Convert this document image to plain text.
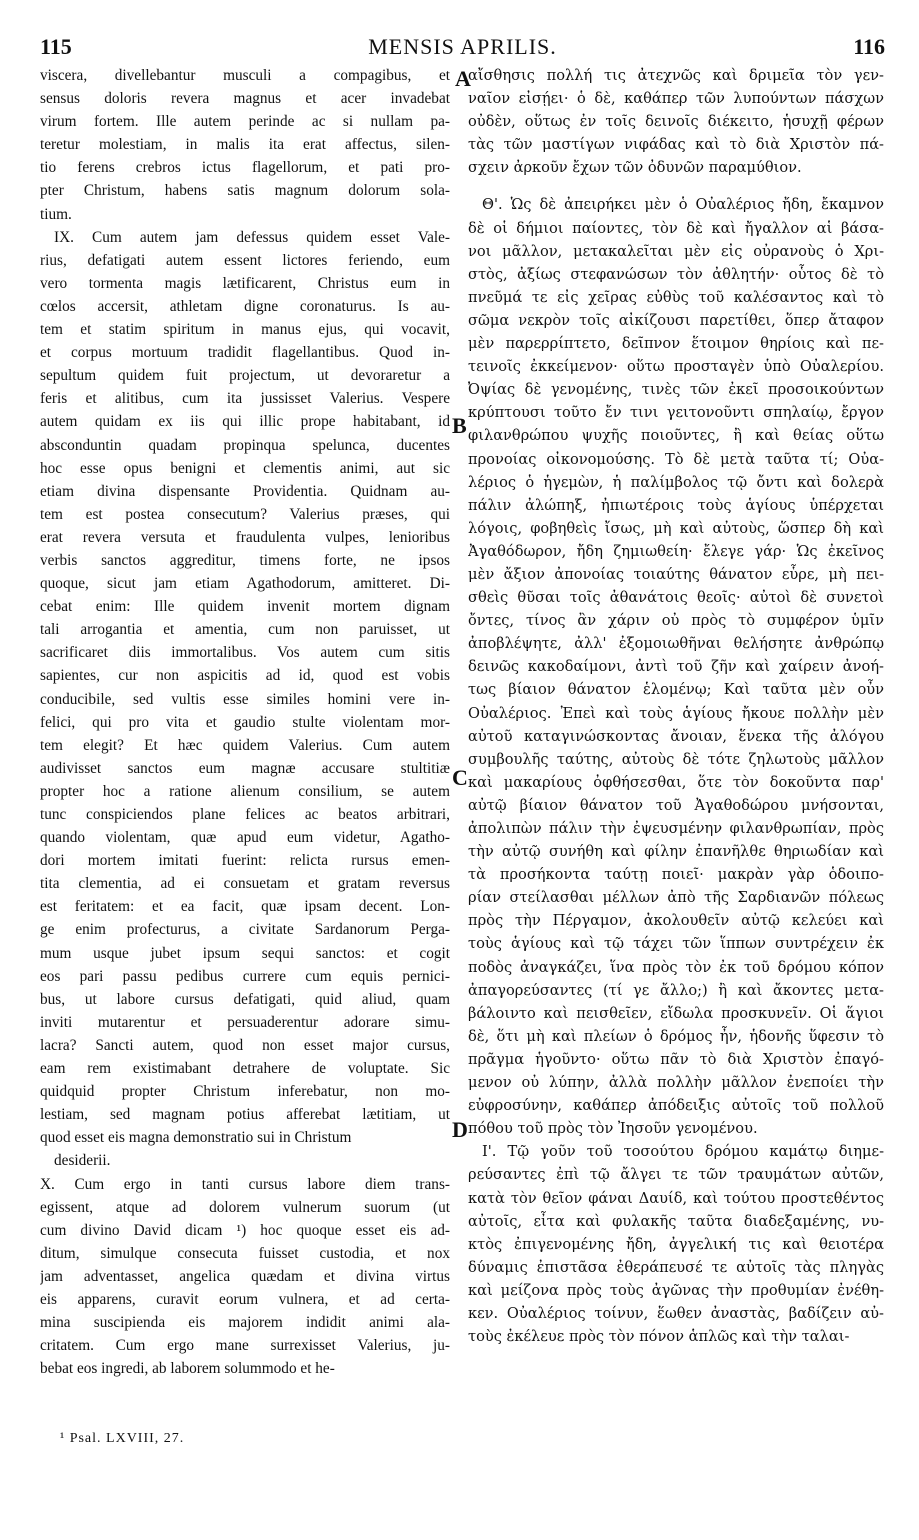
115	MENSIS APRILIS.	116
A
B
C
D
viscera, divellebantur musculi a compagibus, et
sensus doloris revera magnus et acer invadebat
virum fortem. Ille autem perinde ac si nullam pa-
teretur molestiam, in malis ita erat affectus, silen-
tio ferens crebros ictus flagellorum, et pati pro-
pter Christum, habens satis magnum dolorum sola-
tium.
IX. Cum autem jam defessus quidem esset Vale-
rius, defatigati autem essent lictores feriendo, eum
vero tormenta magis lætificarent, Christus eum in
cœlos accersit, athletam digne coronaturus. Is au-
tem et statim spiritum in manus ejus, qui vocavit,
et corpus mortuum tradidit flagellantibus. Quod in-
sepultum quidem fuit projectum, ut devoraretur a
feris et alitibus, cum ita jussisset Valerius. Vespere
autem quidam ex iis qui illic prope habitabant, id
absconduntin quadam propinqua spelunca, ducentes
hoc esse opus benigni et clementis animi, aut sic
etiam divina dispensante Providentia. Quidnam au-
tem est postea consecutum? Valerius præses, qui
erat revera versuta et fraudulenta vulpes, lenioribus
verbis sanctos aggreditur, timens forte, ne ipsos
quoque, sicut jam etiam Agathodorum, amitteret. Di-
cebat enim: Ille quidem invenit mortem dignam
tali arrogantia et amentia, cum non paruisset, ut
sacrificaret diis immortalibus. Vos autem cum sitis
sapientes, cur non aspicitis ad id, quod est vobis
conducibile, sed vultis esse similes homini vere in-
felici, qui pro vita et gaudio stulte violentam mor-
tem elegit? Et hæc quidem Valerius. Cum autem
audivisset sanctos eum magnæ accusare stultitiæ
propter hoc a ratione alienum consilium, se autem
tunc conspiciendos plane felices ac beatos arbitrari,
quando violentam, quæ apud eum videtur, Agatho-
dori mortem imitati fuerint: relicta rursus emen-
tita clementia, ad ei consuetam et gratam reversus
est feritatem: et ea facit, quæ ipsam decent. Lon-
ge enim profecturus, a civitate Sardanorum Perga-
mum usque jubet ipsum sequi sanctos: et cogit
eos pari passu pedibus currere cum equis pernici-
bus, ut labore cursus defatigati, quid aliud, quam
inviti mutarentur et persuaderentur adorare simu-
lacra? Sancti autem, quod non esset major cursus,
eam rem existimabant detrahere de voluptate. Sic
quidquid propter Christum inferebatur, non mo-
lestiam, sed magnam potius afferebat lætitiam, ut
quod esset eis magna demonstratio sui in Christum
desiderii.
X. Cum ergo in tanti cursus labore diem trans-
egissent, atque ad dolorem vulnerum suorum (ut
cum divino David dicam ¹) hoc quoque esset eis ad-
ditum, simulque consecuta fuisset custodia, et nox
jam adventasset, angelica quædam et divina virtus
eis apparens, curavit eorum vulnera, et ad certa-
mina suscipienda eis majorem indidit animi ala-
critatem. Cum ergo mane surrexisset Valerius, ju-
bebat eos ingredi, ab laborem solummodo et he-
αἴσθησις πολλή τις ἀτεχνῶς καὶ δριμεῖα τὸν γεν-
ναῖον εἰσῄει· ὁ δὲ, καθάπερ τῶν λυπούντων πάσχων
οὐδὲν, οὕτως ἐν τοῖς δεινοῖς διέκειτο, ἡσυχῇ φέρων
τὰς τῶν μαστίγων νιφάδας καὶ τὸ διὰ Χριστὸν πά-
σχειν ἀρκοῦν ἔχων τῶν ὀδυνῶν παραμύθιον.
Θ'. Ὡς δὲ ἀπειρήκει μὲν ὁ Οὐαλέριος ἤδη, ἔκαμνον
δὲ οἱ δήμιοι παίοντες, τὸν δὲ καὶ ἤγαλλον αἱ βάσα-
νοι μᾶλλον, μετακαλεῖται μὲν εἰς οὐρανοὺς ὁ Χρι-
στὸς, ἀξίως στεφανώσων τὸν ἀθλητήν· οὗτος δὲ τὸ
πνεῦμά τε εἰς χεῖρας εὐθὺς τοῦ καλέσαντος καὶ τὸ
σῶμα νεκρὸν τοῖς αἰκίζουσι παρετίθει, ὅπερ ἄταφον
μὲν παρερρίπτετο, δεῖπνον ἕτοιμον θηρίοις καὶ πε-
τεινοῖς ἐκκείμενον· οὕτω προσταγὲν ὑπὸ Οὐαλερίου.
Ὀψίας δὲ γενομένης, τινὲς τῶν ἐκεῖ προσοικούντων
κρύπτουσι τοῦτο ἔν τινι γειτονοῦντι σπηλαίῳ, ἔργον
φιλανθρώπου ψυχῆς ποιοῦντες, ἢ καὶ θείας οὕτω
προνοίας οἰκονομούσης. Τὸ δὲ μετὰ ταῦτα τί; Οὐα-
λέριος ὁ ἡγεμὼν, ἡ παλίμβολος τῷ ὄντι καὶ δολερὰ
πάλιν ἀλώπηξ, ἠπιωτέροις τοὺς ἁγίους ὑπέρχεται
λόγοις, φοβηθεὶς ἴσως, μὴ καὶ αὐτοὺς, ὥσπερ δὴ καὶ
Ἀγαθόδωρον, ἤδη ζημιωθείη· ἔλεγε γάρ· Ὡς ἐκεῖνος
μὲν ἄξιον ἀπονοίας τοιαύτης θάνατον εὗρε, μὴ πει-
σθεὶς θῦσαι τοῖς ἀθανάτοις θεοῖς· αὐτοὶ δὲ συνετοὶ
ὄντες, τίνος ἂν χάριν οὐ πρὸς τὸ συμφέρον ὑμῖν
ἀποβλέψητε, ἀλλ' ἐξομοιωθῆναι θελήσητε ἀνθρώπῳ
δεινῶς κακοδαίμονι, ἀντὶ τοῦ ζῆν καὶ χαίρειν ἀνοή-
τως βίαιον θάνατον ἑλομένῳ; Καὶ ταῦτα μὲν οὖν
Οὐαλέριος. Ἐπεὶ καὶ τοὺς ἁγίους ἤκουε πολλὴν μὲν
αὐτοῦ καταγινώσκοντας ἄνοιαν, ἕνεκα τῆς ἀλόγου
συμβουλῆς ταύτης, αὐτοὺς δὲ τότε ζηλωτοὺς μᾶλλον
καὶ μακαρίους ὀφθήσεσθαι, ὅτε τὸν δοκοῦντα παρ'
αὐτῷ βίαιον θάνατον τοῦ Ἀγαθοδώρου μνήσονται,
ἀπολιπὼν πάλιν τὴν ἐψευσμένην φιλανθρωπίαν, πρὸς
τὴν αὐτῷ συνήθη καὶ φίλην ἐπανῆλθε θηριωδίαν καὶ
τὰ προσήκοντα ταύτῃ ποιεῖ· μακρὰν γὰρ ὁδοιπο-
ρίαν στείλασθαι μέλλων ἀπὸ τῆς Σαρδιανῶν πόλεως
πρὸς τὴν Πέργαμον, ἀκολουθεῖν αὐτῷ κελεύει καὶ
τοὺς ἁγίους καὶ τῷ τάχει τῶν ἵππων συντρέχειν ἐκ
ποδὸς ἀναγκάζει, ἵνα πρὸς τὸν ἐκ τοῦ δρόμου κόπον
ἀπαγορεύσαντες (τί γε ἄλλο;) ἢ καὶ ἄκοντες μετα-
βάλοιντο καὶ πεισθεῖεν, εἴδωλα προσκυνεῖν. Οἱ ἅγιοι
δὲ, ὅτι μὴ καὶ πλείων ὁ δρόμος ἦν, ἡδονῆς ὕφεσιν τὸ
πρᾶγμα ἡγοῦντο· οὕτω πᾶν τὸ διὰ Χριστὸν ἐπαγό-
μενον οὐ λύπην, ἀλλὰ πολλὴν μᾶλλον ἐνεποίει τὴν
εὐφροσύνην, καθάπερ ἀπόδειξις αὐτοῖς τοῦ πολλοῦ
πόθου τοῦ πρὸς τὸν Ἰησοῦν γενομένου.
Ι'. Τῷ γοῦν τοῦ τοσούτου δρόμου καμάτῳ διημε-
ρεύσαντες ἐπὶ τῷ ἄλγει τε τῶν τραυμάτων αὐτῶν,
κατὰ τὸν θεῖον φάναι Δαυίδ, καὶ τούτου προστεθέντος
αὐτοῖς, εἶτα καὶ φυλακῆς ταῦτα διαδεξαμένης, νυ-
κτὸς ἐπιγενομένης ἤδη, ἀγγελική τις καὶ θειοτέρα
δύναμις ἐπιστᾶσα ἐθεράπευσέ τε αὐτοῖς τὰς πληγὰς
καὶ μείζονα πρὸς τοὺς ἀγῶνας τὴν προθυμίαν ἐνέθη-
κεν. Οὐαλέριος τοίνυν, ἕωθεν ἀναστὰς, βαδίζειν αὐ-
τοὺς ἐκέλευε πρὸς τὸν πόνον ἁπλῶς καὶ τὴν ταλαι-
¹ Psal. LXVIII, 27.
